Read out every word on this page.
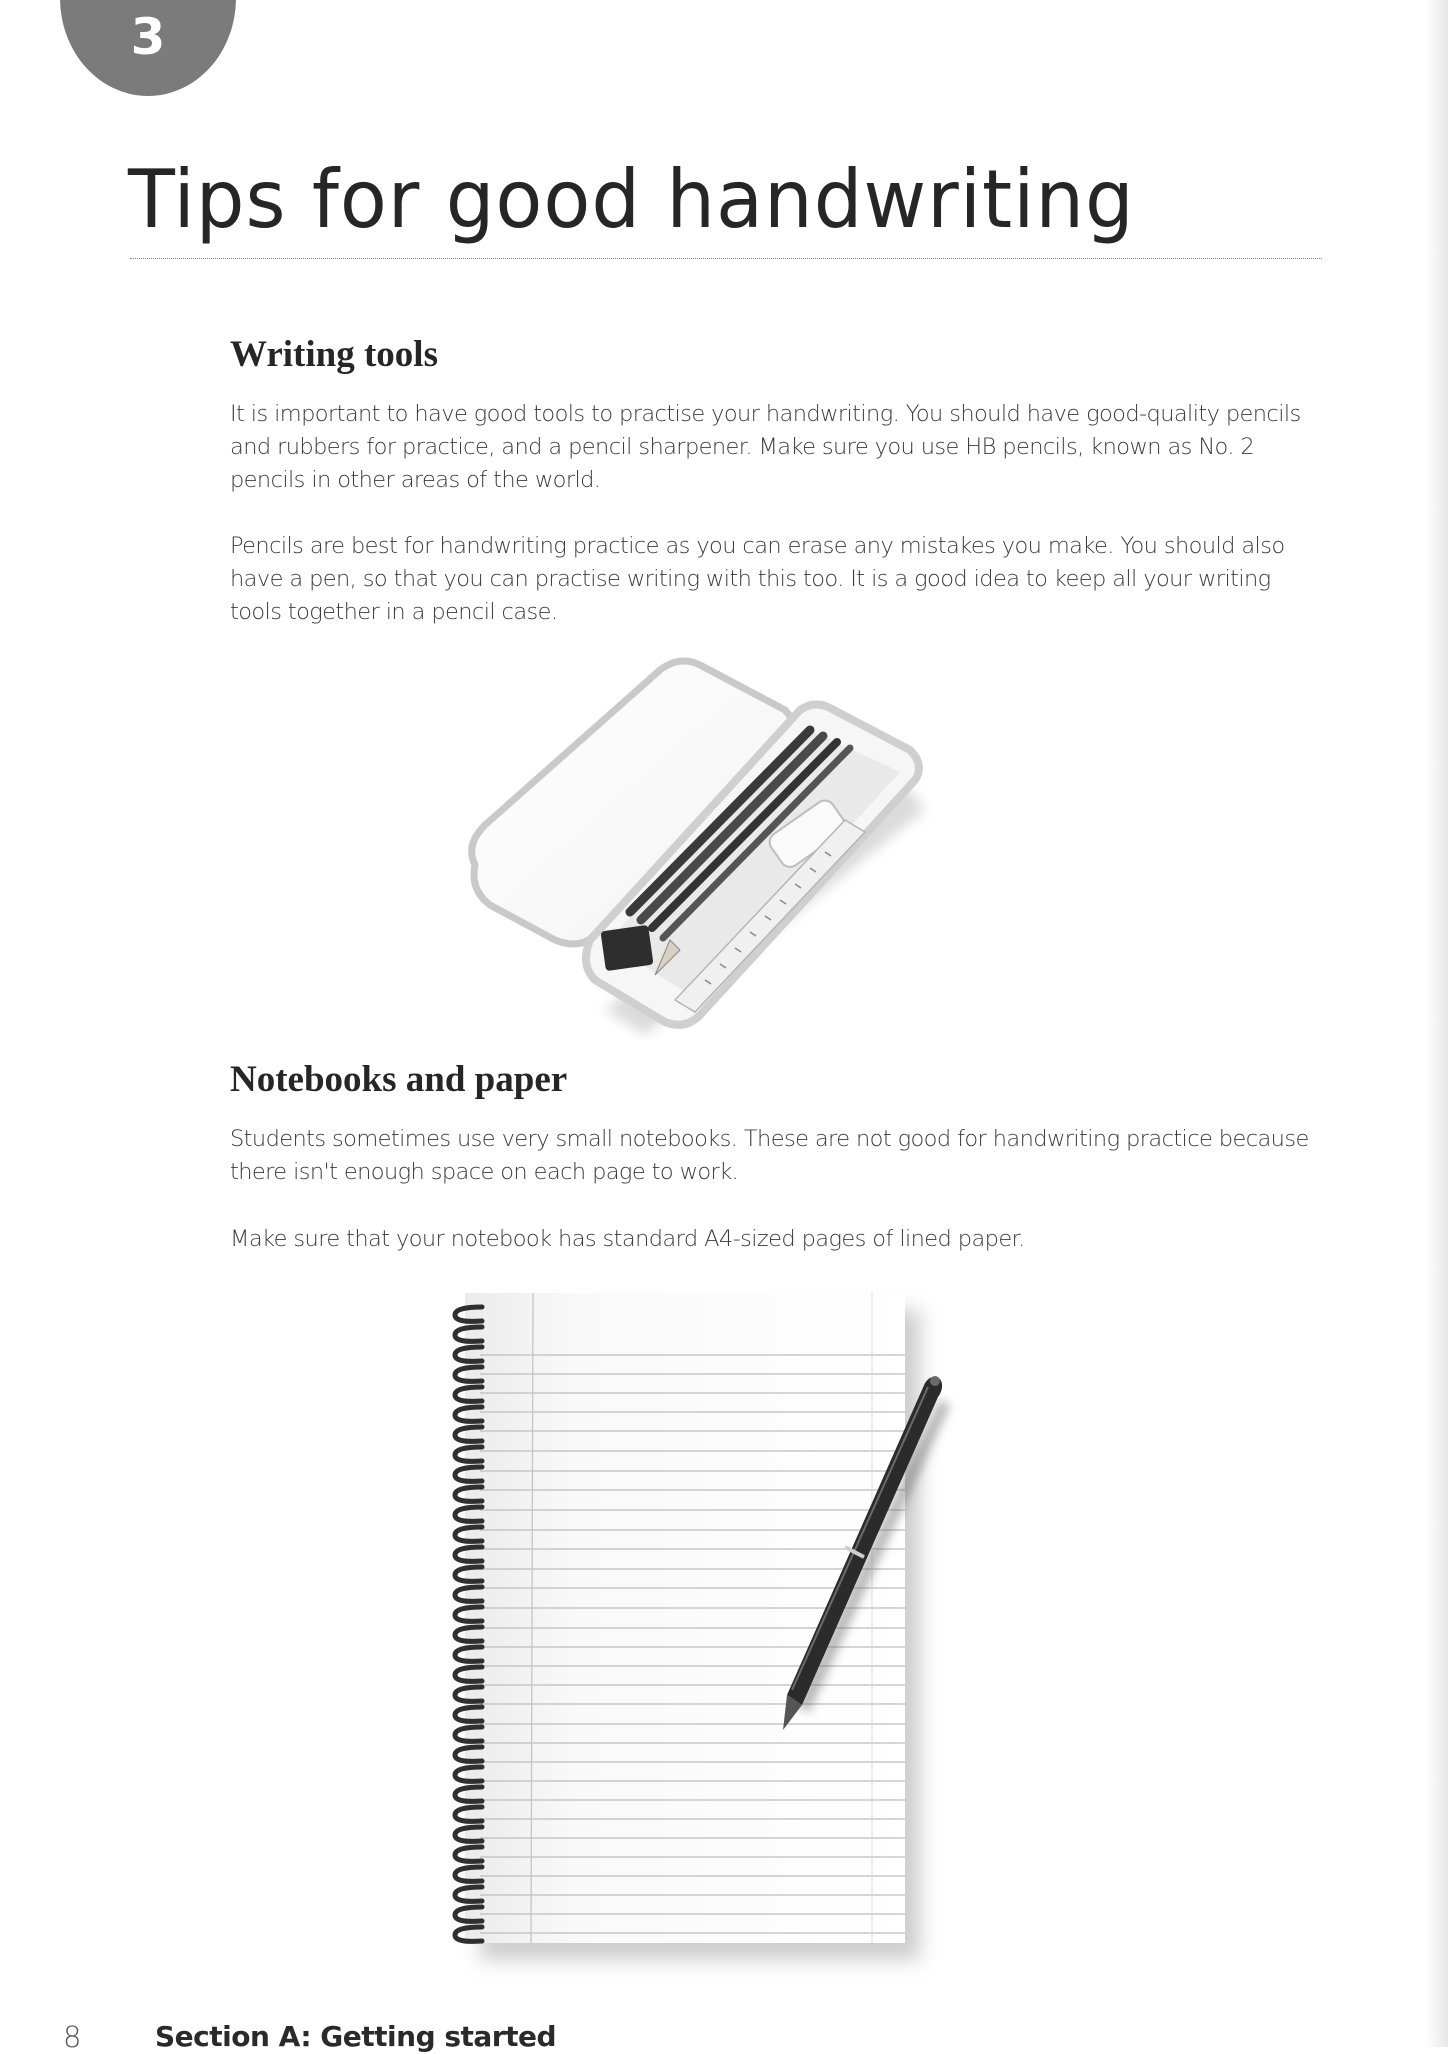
3
Tips for good handwriting
Writing tools

It is important to have good tools to practise your handwriting. You should have good-quality pencils and rubbers for practice, and a pencil sharpener. Make sure you use HB pencils, known as No. 2 pencils in other areas of the world.

Pencils are best for handwriting practice as you can erase any mistakes you make. You should also have a pen, so that you can practise writing with this too. It is a good idea to keep all your writing tools together in a pencil case.

Notebooks and paper

Students sometimes use very small notebooks. These are not good for handwriting practice because there isn't enough space on each page to work.

Make sure that your notebook has standard A4-sized pages of lined paper.

8	Section A: Getting started
